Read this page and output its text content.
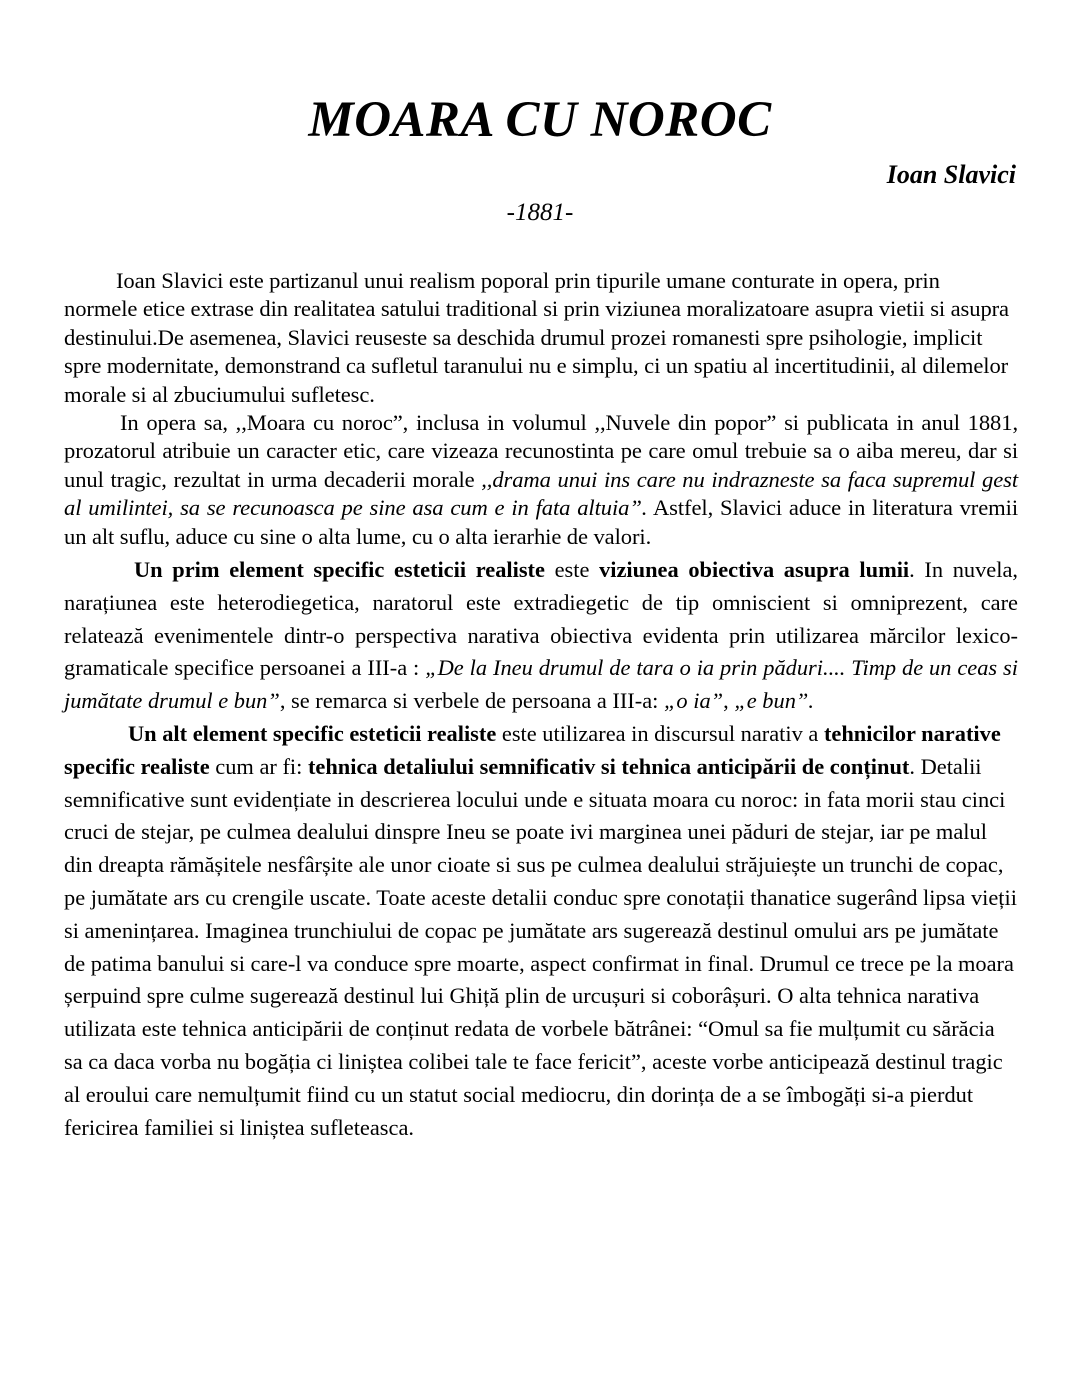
MOARA CU NOROC
Ioan Slavici
-1881-

Ioan Slavici este partizanul unui realism poporal prin tipurile umane conturate in opera, prin normele etice extrase din realitatea satului traditional si prin viziunea moralizatoare asupra vietii si asupra destinului.De asemenea, Slavici reuseste sa deschida drumul prozei romanesti spre psihologie, implicit spre modernitate, demonstrand ca sufletul taranului nu e simplu, ci un spatiu al incertitudinii, al dilemelor morale si al zbuciumului sufletesc.

In opera sa, ,,Moara cu noroc”, inclusa in volumul ,,Nuvele din popor” si publicata in anul 1881, prozatorul atribuie un caracter etic, care vizeaza recunostinta pe care omul trebuie sa o aiba mereu, dar si unul tragic, rezultat in urma decaderii morale ,,drama unui ins care nu indrazneste sa faca supremul gest al umilintei, sa se recunoasca pe sine asa cum e in fata altuia”. Astfel, Slavici aduce in literatura vremii un alt suflu, aduce cu sine o alta lume, cu o alta ierarhie de valori.

Un prim element specific esteticii realiste este viziunea obiectiva asupra lumii. In nuvela, narațiunea este heterodiegetica, naratorul este extradiegetic de tip omniscient si omniprezent, care relatează evenimentele dintr-o perspectiva narativa obiectiva evidenta prin utilizarea mărcilor lexico-gramaticale specifice persoanei a III-a : „De la Ineu drumul de tara o ia prin păduri.... Timp de un ceas si jumătate drumul e bun”, se remarca si verbele de persoana a III-a: „o ia”, „e bun”.

Un alt element specific esteticii realiste este utilizarea in discursul narativ a tehnicilor narative specific realiste cum ar fi: tehnica detaliului semnificativ si tehnica anticipării de conținut. Detalii semnificative sunt evidențiate in descrierea locului unde e situata moara cu noroc: in fata morii stau cinci cruci de stejar, pe culmea dealului dinspre Ineu se poate ivi marginea unei păduri de stejar, iar pe malul din dreapta rămășitele nesfârșite ale unor cioate si sus pe culmea dealului străjuiește un trunchi de copac, pe jumătate ars cu crengile uscate. Toate aceste detalii conduc spre conotații thanatice sugerând lipsa vieții si amenințarea. Imaginea trunchiului de copac pe jumătate ars sugerează destinul omului ars pe jumătate de patima banului si care-l va conduce spre moarte, aspect confirmat in final. Drumul ce trece pe la moara șerpuind spre culme sugerează destinul lui Ghiță plin de urcușuri si coborâșuri. O alta tehnica narativa utilizata este tehnica anticipării de conținut redata de vorbele bătrânei: “Omul sa fie mulțumit cu sărăcia sa ca daca vorba nu bogăția ci liniștea colibei tale te face fericit”, aceste vorbe anticipează destinul tragic al eroului care nemulțumit fiind cu un statut social mediocru, din dorința de a se îmbogăți si-a pierdut fericirea familiei si liniștea sufleteasca.
